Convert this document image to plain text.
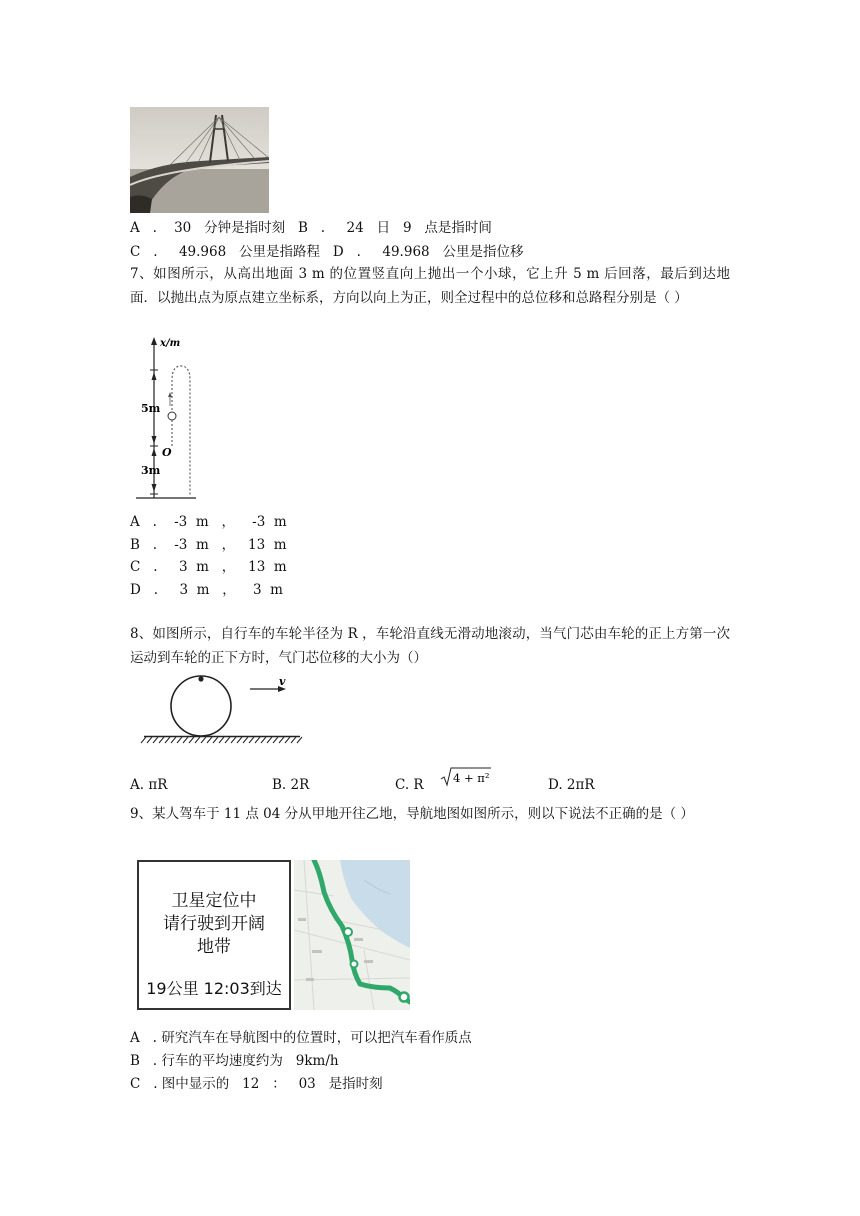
A   .    30   分钟是指时刻   B   .     24   日   9   点是指时间
C   .     49.968   公里是指路程   D   .     49.968   公里是指位移
7、如图所示，从高出地面 3 m 的位置竖直向上抛出一个小球，它上升 5 m 后回落，最后到达地面．以抛出点为原点建立坐标系，方向以向上为正，则全过程中的总位移和总路程分别是（ ）
x/m
5m
O
3m
A   .    -3  m   ，    -3  m
B   .    -3  m   ，   13  m
C   .     3  m   ，   13  m
D   .     3  m   ，    3  m
8、如图所示，自行车的车轮半径为 R ，车轮沿直线无滑动地滚动，当气门芯由车轮的正上方第一次运动到车轮的正下方时，气门芯位移的大小为（）
v
A. πR	B. 2R	C. R	4 + π²	D. 2πR
9、某人驾车于 11 点 04 分从甲地开往乙地，导航地图如图所示，则以下说法不正确的是（ ）
卫星定位中
请行驶到开阔
地带
19公里 12:03到达
A   . 研究汽车在导航图中的位置时，可以把汽车看作质点
B   . 行车的平均速度约为   9km/h
C   . 图中显示的   12   ：   03   是指时刻
